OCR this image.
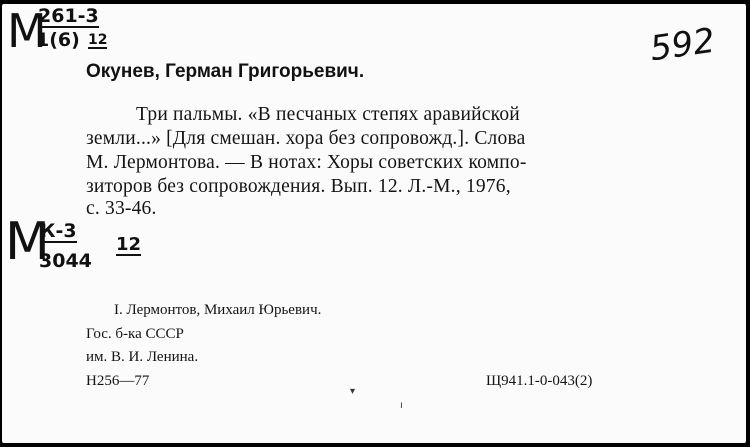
М
261-3
1(6) 12	592
Окунев, Герман Григорьевич.
Три пальмы. «В песчаных степях аравийской
земли...» [Для смешан. хора без сопровожд.]. Слова
М. Лермонтова. — В нотах: Хоры советских компо-
зиторов без сопровождения. Вып. 12. Л.-М., 1976,
с. 33-46.
М
К-3
3044
12
I. Лермонтов, Михаил Юрьевич.
Гос. б-ка СССР
им. В. И. Ленина.
Н256—77	Щ941.1-0-043(2)
▾
ı
